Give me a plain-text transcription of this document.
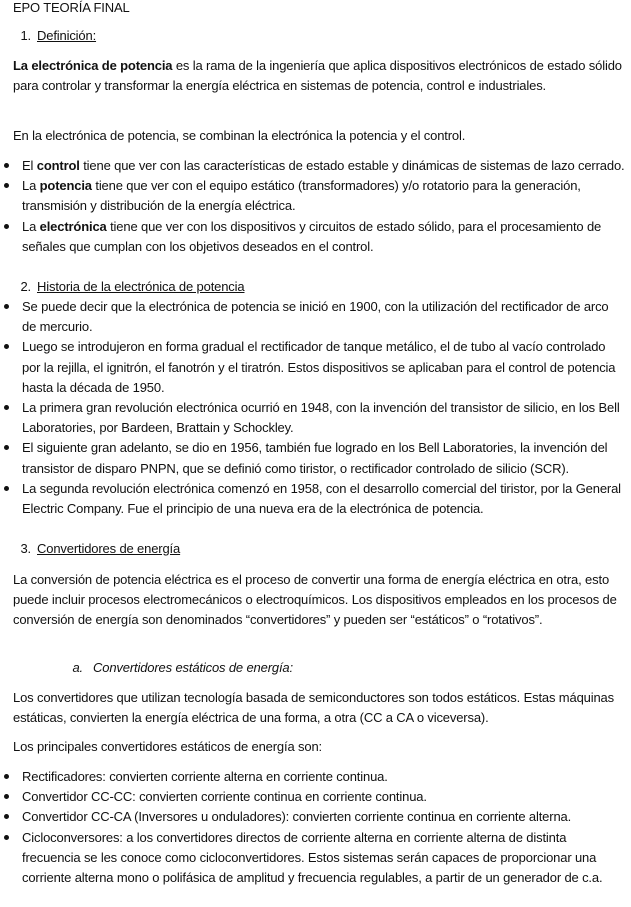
EPO TEORÍA FINAL
1. Definición:
La electrónica de potencia es la rama de la ingeniería que aplica dispositivos electrónicos de estado sólido para controlar y transformar la energía eléctrica en sistemas de potencia, control e industriales.
En la electrónica de potencia, se combinan la electrónica la potencia y el control.
El control tiene que ver con las características de estado estable y dinámicas de sistemas de lazo cerrado.
La potencia tiene que ver con el equipo estático (transformadores) y/o rotatorio para la generación, transmisión y distribución de la energía eléctrica.
La electrónica tiene que ver con los dispositivos y circuitos de estado sólido, para el procesamiento de señales que cumplan con los objetivos deseados en el control.
2. Historia de la electrónica de potencia
Se puede decir que la electrónica de potencia se inició en 1900, con la utilización del rectificador de arco de mercurio.
Luego se introdujeron en forma gradual el rectificador de tanque metálico, el de tubo al vacío controlado por la rejilla, el ignitrón, el fanotrón y el tiratrón. Estos dispositivos se aplicaban para el control de potencia hasta la década de 1950.
La primera gran revolución electrónica ocurrió en 1948, con la invención del transistor de silicio, en los Bell Laboratories, por Bardeen, Brattain y Schockley.
El siguiente gran adelanto, se dio en 1956, también fue logrado en los Bell Laboratories, la invención del transistor de disparo PNPN, que se definió como tiristor, o rectificador controlado de silicio (SCR).
La segunda revolución electrónica comenzó en 1958, con el desarrollo comercial del tiristor, por la General Electric Company. Fue el principio de una nueva era de la electrónica de potencia.
3. Convertidores de energía
La conversión de potencia eléctrica es el proceso de convertir una forma de energía eléctrica en otra, esto puede incluir procesos electromecánicos o electroquímicos. Los dispositivos empleados en los procesos de conversión de energía son denominados “convertidores” y pueden ser “estáticos” o “rotativos”.
a. Convertidores estáticos de energía:
Los convertidores que utilizan tecnología basada de semiconductores son todos estáticos. Estas máquinas estáticas, convierten la energía eléctrica de una forma, a otra (CC a CA o viceversa).
Los principales convertidores estáticos de energía son:
Rectificadores: convierten corriente alterna en corriente continua.
Convertidor CC-CC: convierten corriente continua en corriente continua.
Convertidor CC-CA (Inversores u onduladores): convierten corriente continua en corriente alterna.
Cicloconversores: a los convertidores directos de corriente alterna en corriente alterna de distinta frecuencia se les conoce como cicloconvertidores. Estos sistemas serán capaces de proporcionar una corriente alterna mono o polifásica de amplitud y frecuencia regulables, a partir de un generador de c.a.
